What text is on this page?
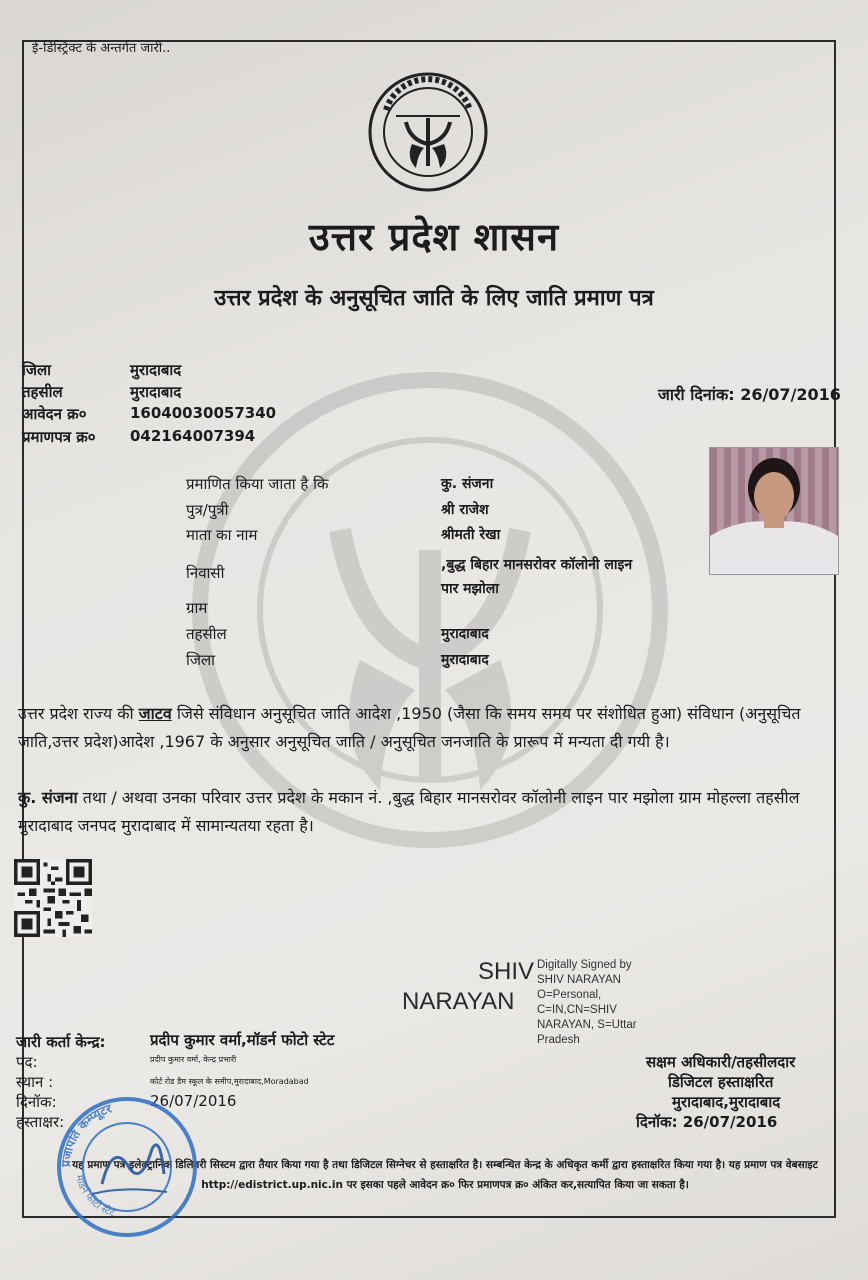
ई-डिस्ट्रिक्ट के अन्तर्गत जारी..
उत्तर प्रदेश शासन
उत्तर प्रदेश के अनुसूचित जाति के लिए जाति प्रमाण पत्र
जिला	मुरादाबाद
तहसील	मुरादाबाद
आवेदन क्र०	16040030057340
प्रमाणपत्र क्र० 042164007394
जारी दिनांक: 26/07/2016
प्रमाणित किया जाता है कि	कु. संजना
पुत्र/पुत्री	श्री राजेश
माता का नाम	श्रीमती रेखा
निवासी	,बुद्ध बिहार मानसरोवर कॉलोनी लाइन
पार मझोला
ग्राम
तहसील	मुरादाबाद
जिला	मुरादाबाद
उत्तर प्रदेश राज्य की जाटव जिसे संविधान अनुसूचित जाति आदेश ,1950 (जैसा कि समय समय पर संशोधित हुआ) संविधान (अनुसूचित जाति,उत्तर प्रदेश)आदेश ,1967 के अनुसार अनुसूचित जाति / अनुसूचित जनजाति के प्रारूप में मन्यता दी गयी है।
कु. संजना तथा / अथवा उनका परिवार उत्तर प्रदेश के मकान नं. ,बुद्ध बिहार मानसरोवर कॉलोनी लाइन पार मझोला ग्राम मोहल्ला तहसील मुरादाबाद जनपद मुरादाबाद में सामान्यतया रहता है।
SHIV
NARAYAN
Digitally Signed by SHIV NARAYAN O=Personal, C=IN,CN=SHIV NARAYAN, S=Uttar Pradesh
जारी कर्ता केन्द्र:	प्रदीप कुमार वर्मा,मॉडर्न फोटो स्टेट
पद:	प्रदीप कुमार वर्मा, केन्द्र प्रभारी
स्थान :	कोर्ट रोड डैम स्कूल के समीप,मुरादाबाद,Moradabad
दिनॉक:	26/07/2016
हस्ताक्षर:
सक्षम अधिकारी/तहसीलदार
डिजिटल हस्ताक्षरित
मुरादाबाद,मुरादाबाद
दिनॉक: 26/07/2016
यह प्रमाण पत्र इलेक्ट्रानिक डिलिवरी सिस्टम द्वारा तैयार किया गया है तथा डिजिटल सिग्नेचर से हस्ताक्षरित है। सम्बन्धित केन्द्र के अधिकृत कर्मी द्वारा हस्ताक्षरित किया गया है। यह प्रमाण पत्र वेबसाइट http://edistrict.up.nic.in पर इसका पहले आवेदन क्र० फिर प्रमाणपत्र क्र० अंकित कर,सत्यापित किया जा सकता है।
प्रजापति कम्प्यूटर
मॉडर्न फोटो स्टेट
